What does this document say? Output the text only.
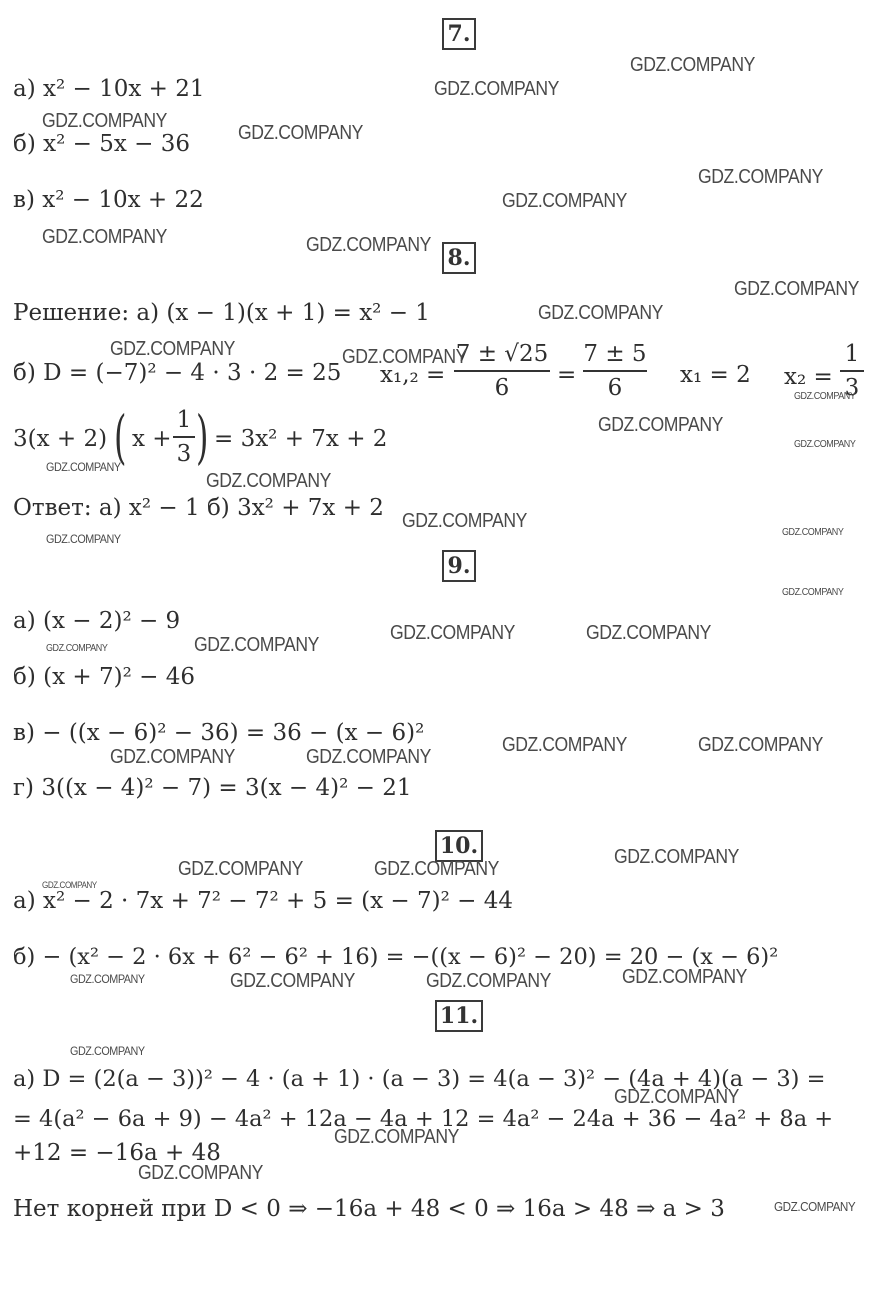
7.
а) x² − 10x + 21
б) x² − 5x − 36
в) x² − 10x + 22
8.
Решение: а) (x − 1)(x + 1) = x² − 1
б) D = (−7)² − 4 · 3 · 2 = 25 x₁,₂ =
7 ± √25
6	=
7 ± 5
6	x₁ = 2 x₂ =
1
3
3(x + 2) ( x +
1
3 ) = 3x² + 7x + 2
Ответ: а) x² − 1 б) 3x² + 7x + 2
9.
а) (x − 2)² − 9
б) (x + 7)² − 46
в) − ((x − 6)² − 36) = 36 − (x − 6)²
г) 3((x − 4)² − 7) = 3(x − 4)² − 21
10.
а) x² − 2 · 7x + 7² − 7² + 5 = (x − 7)² − 44
б) − (x² − 2 · 6x + 6² − 6² + 16) = −((x − 6)² − 20) = 20 − (x − 6)²
11.
а) D = (2(a − 3))² − 4 · (a + 1) · (a − 3) = 4(a − 3)² − (4a + 4)(a − 3) =
= 4(a² − 6a + 9) − 4a² + 12a − 4a + 12 = 4a² − 24a + 36 − 4a² + 8a +
+12 = −16a + 48
Нет корней при D < 0 ⇒ −16a + 48 < 0 ⇒ 16a > 48 ⇒ a > 3
GDZ.COMPANY
GDZ.COMPANY
GDZ.COMPANY
GDZ.COMPANY
GDZ.COMPANY
GDZ.COMPANY
GDZ.COMPANY	GDZ.COMPANY
GDZ.COMPANY
GDZ.COMPANY
GDZ.COMPANY	GDZ.COMPANY
GDZ.COMPANY
GDZ.COMPANY
GDZ.COMPANY
GDZ.COMPANY
GDZ.COMPANY
GDZ.COMPANY
GDZ.COMPANY
GDZ.COMPANY
GDZ.COMPANY
GDZ.COMPANY	GDZ.COMPANY
GDZ.COMPANY
GDZ.COMPANY
GDZ.COMPANY	GDZ.COMPANY
GDZ.COMPANY	GDZ.COMPANY
GDZ.COMPANY
GDZ.COMPANY	GDZ.COMPANY
GDZ.COMPANY
GDZ.COMPANY
GDZ.COMPANY	GDZ.COMPANY	GDZ.COMPANY
GDZ.COMPANY
GDZ.COMPANY
GDZ.COMPANY
GDZ.COMPANY
GDZ.COMPANY
